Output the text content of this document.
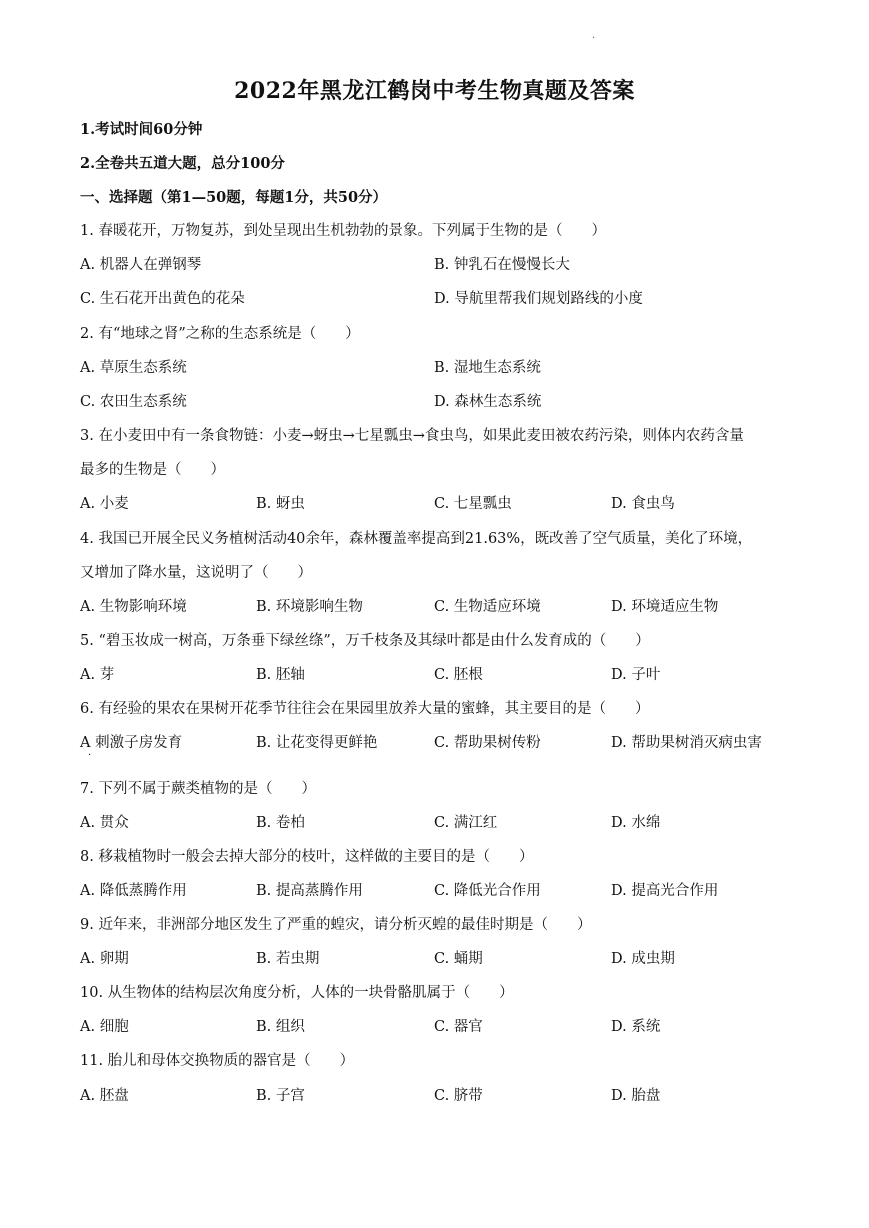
.
2022年黑龙江鹤岗中考生物真题及答案
1.考试时间60分钟
2.全卷共五道大题，总分100分
一、选择题（第1—50题，每题1分，共50分）
1. 春暖花开，万物复苏，到处呈现出生机勃勃的景象。下列属于生物的是（　　）
A. 机器人在弹钢琴	B. 钟乳石在慢慢长大
C. 生石花开出黄色的花朵	D. 导航里帮我们规划路线的小度
2. 有“地球之肾”之称的生态系统是（　　）
A. 草原生态系统	B. 湿地生态系统
C. 农田生态系统	D. 森林生态系统
3. 在小麦田中有一条食物链：小麦→蚜虫→七星瓢虫→食虫鸟，如果此麦田被农药污染，则体内农药含量
最多的生物是（　　）
A. 小麦	B. 蚜虫	C. 七星瓢虫	D. 食虫鸟
4. 我国已开展全民义务植树活动40余年，森林覆盖率提高到21.63%，既改善了空气质量，美化了环境，
又增加了降水量，这说明了（　　）
A. 生物影响环境	B. 环境影响生物	C. 生物适应环境	D. 环境适应生物
5. “碧玉妆成一树高，万条垂下绿丝绦”，万千枝条及其绿叶都是由什么发育成的（　　）
A. 芽	B. 胚轴	C. 胚根	D. 子叶
6. 有经验的果农在果树开花季节往往会在果园里放养大量的蜜蜂，其主要目的是（　　）
A 刺激子房发育	B. 让花变得更鲜艳	C. 帮助果树传粉	D. 帮助果树消灭病虫害
·
7. 下列不属于蕨类植物的是（　　）
A. 贯众	B. 卷柏	C. 满江红	D. 水绵
8. 移栽植物时一般会去掉大部分的枝叶，这样做的主要目的是（　　）
A. 降低蒸腾作用	B. 提高蒸腾作用	C. 降低光合作用	D. 提高光合作用
9. 近年来，非洲部分地区发生了严重的蝗灾，请分析灭蝗的最佳时期是（　　）
A. 卵期	B. 若虫期	C. 蛹期	D. 成虫期
10. 从生物体的结构层次角度分析，人体的一块骨骼肌属于（　　）
A. 细胞	B. 组织	C. 器官	D. 系统
11. 胎儿和母体交换物质的器官是（　　）
A. 胚盘	B. 子宫	C. 脐带	D. 胎盘
